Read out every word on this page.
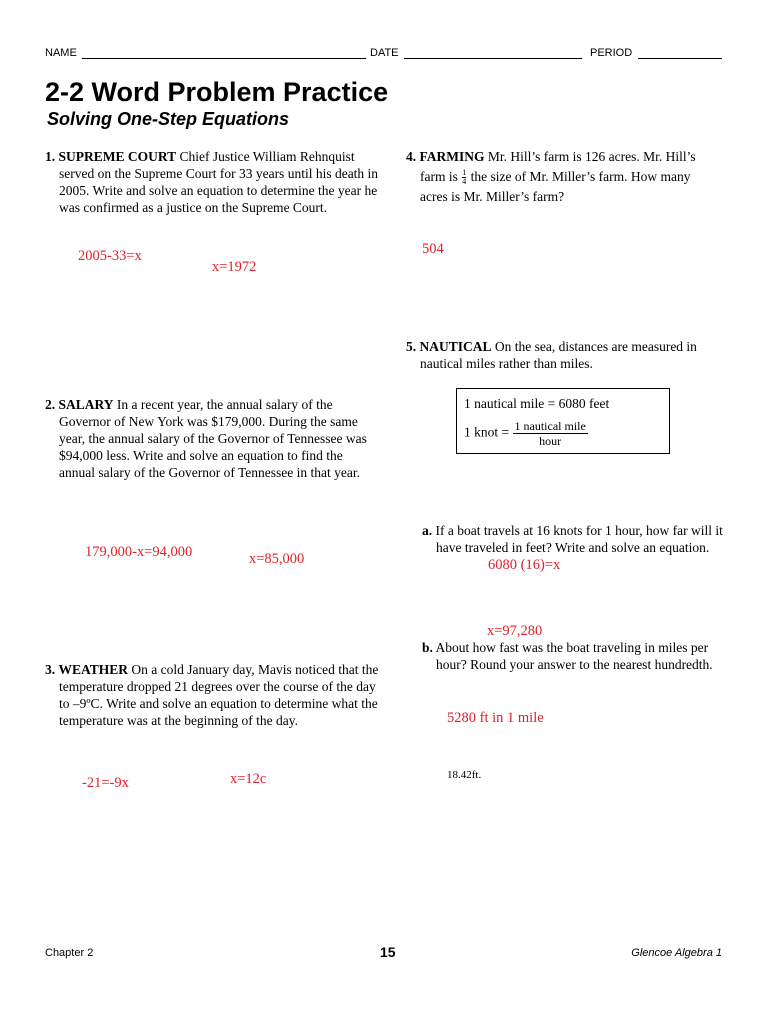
NAME	DATE	PERIOD
2-2 Word Problem Practice
Solving One-Step Equations
1. SUPREME COURT Chief Justice William Rehnquist served on the Supreme Court for 33 years until his death in 2005. Write and solve an equation to determine the year he was confirmed as a justice on the Supreme Court.
2005-33=x
x=1972
2. SALARY In a recent year, the annual salary of the Governor of New York was $179,000. During the same year, the annual salary of the Governor of Tennessee was $94,000 less. Write and solve an equation to find the annual salary of the Governor of Tennessee in that year.
179,000-x=94,000	x=85,000
3. WEATHER On a cold January day, Mavis noticed that the temperature dropped 21 degrees over the course of the day to –9ºC. Write and solve an equation to determine what the temperature was at the beginning of the day.
-21=-9x	x=12c
4. FARMING Mr. Hill’s farm is 126 acres. Mr. Hill’s
farm is $\frac{1}{4}$ the size of Mr. Miller’s farm. How many
acres is Mr. Miller’s farm?
504
5. NAUTICAL On the sea, distances are measured in nautical miles rather than miles.
1 nautical mile = 6080 feet
1 knot = $\frac{\text{1 nautical mile}}{\text{hour}}$
a. If a boat travels at 16 knots for 1 hour, how far will it have traveled in feet? Write and solve an equation.
6080 (16)=x
x=97,280
b. About how fast was the boat traveling in miles per hour? Round your answer to the nearest hundredth.
5280 ft in 1 mile
18.42ft.
Chapter 2	15	Glencoe Algebra 1
